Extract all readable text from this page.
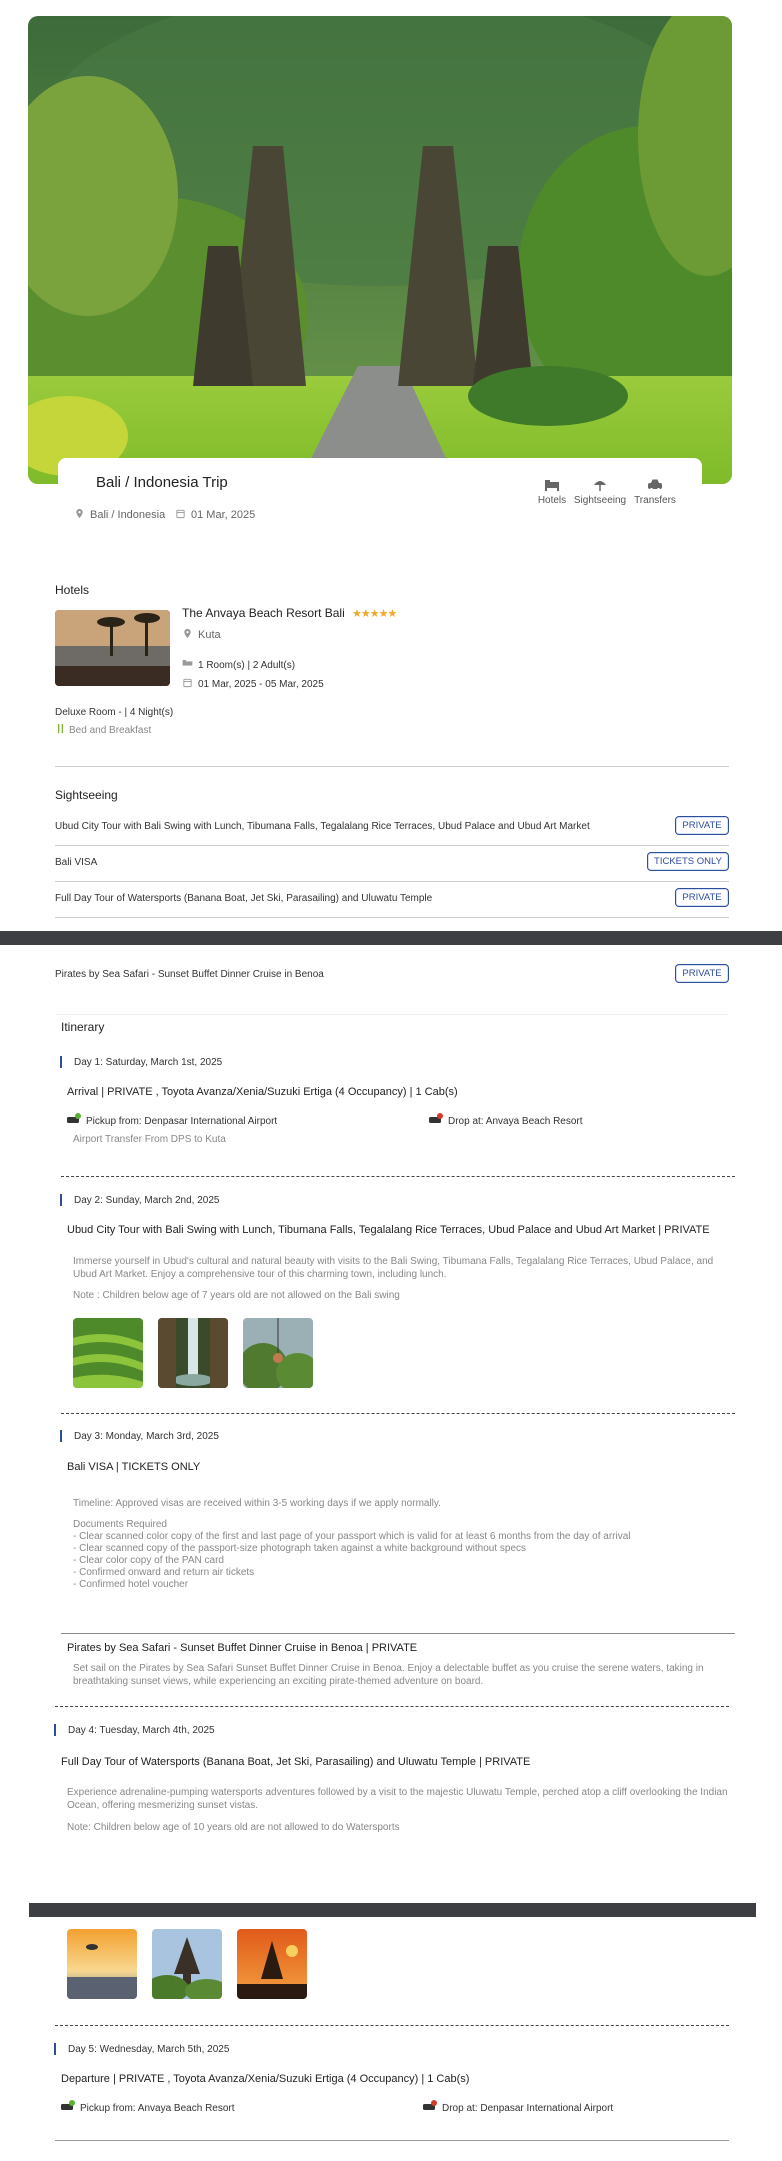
Bali / Indonesia Trip
Bali / Indonesia	01 Mar, 2025
Hotels Sightseeing Transfers
Hotels
The Anvaya Beach Resort Bali ★★★★★
Kuta
1 Room(s) | 2 Adult(s)
01 Mar, 2025 - 05 Mar, 2025
Deluxe Room - | 4 Night(s)
Bed and Breakfast
Sightseeing
Ubud City Tour with Bali Swing with Lunch, Tibumana Falls, Tegalalang Rice Terraces, Ubud Palace and Ubud Art Market	PRIVATE
Bali VISA	TICKETS ONLY
Full Day Tour of Watersports (Banana Boat, Jet Ski, Parasailing) and Uluwatu Temple	PRIVATE
Pirates by Sea Safari - Sunset Buffet Dinner Cruise in Benoa	PRIVATE
Itinerary
Day 1: Saturday, March 1st, 2025
Arrival | PRIVATE , Toyota Avanza/Xenia/Suzuki Ertiga (4 Occupancy) | 1 Cab(s)
Pickup from: Denpasar International Airport	Drop at: Anvaya Beach Resort
Airport Transfer From DPS to Kuta
Day 2: Sunday, March 2nd, 2025
Ubud City Tour with Bali Swing with Lunch, Tibumana Falls, Tegalalang Rice Terraces, Ubud Palace and Ubud Art Market | PRIVATE
Immerse yourself in Ubud's cultural and natural beauty with visits to the Bali Swing, Tibumana Falls, Tegalalang Rice Terraces, Ubud Palace, and Ubud Art Market. Enjoy a comprehensive tour of this charming town, including lunch.
Note : Children below age of 7 years old are not allowed on the Bali swing
Day 3: Monday, March 3rd, 2025
Bali VISA | TICKETS ONLY
Timeline: Approved visas are received within 3-5 working days if we apply normally.
Documents Required
- Clear scanned color copy of the first and last page of your passport which is valid for at least 6 months from the day of arrival
- Clear scanned copy of the passport-size photograph taken against a white background without specs
- Clear color copy of the PAN card
- Confirmed onward and return air tickets
- Confirmed hotel voucher
Pirates by Sea Safari - Sunset Buffet Dinner Cruise in Benoa | PRIVATE
Set sail on the Pirates by Sea Safari Sunset Buffet Dinner Cruise in Benoa. Enjoy a delectable buffet as you cruise the serene waters, taking in breathtaking sunset views, while experiencing an exciting pirate-themed adventure on board.
Day 4: Tuesday, March 4th, 2025
Full Day Tour of Watersports (Banana Boat, Jet Ski, Parasailing) and Uluwatu Temple | PRIVATE
Experience adrenaline-pumping watersports adventures followed by a visit to the majestic Uluwatu Temple, perched atop a cliff overlooking the Indian Ocean, offering mesmerizing sunset vistas.
Note: Children below age of 10 years old are not allowed to do Watersports
Day 5: Wednesday, March 5th, 2025
Departure | PRIVATE , Toyota Avanza/Xenia/Suzuki Ertiga (4 Occupancy) | 1 Cab(s)
Pickup from: Anvaya Beach Resort	Drop at: Denpasar International Airport
